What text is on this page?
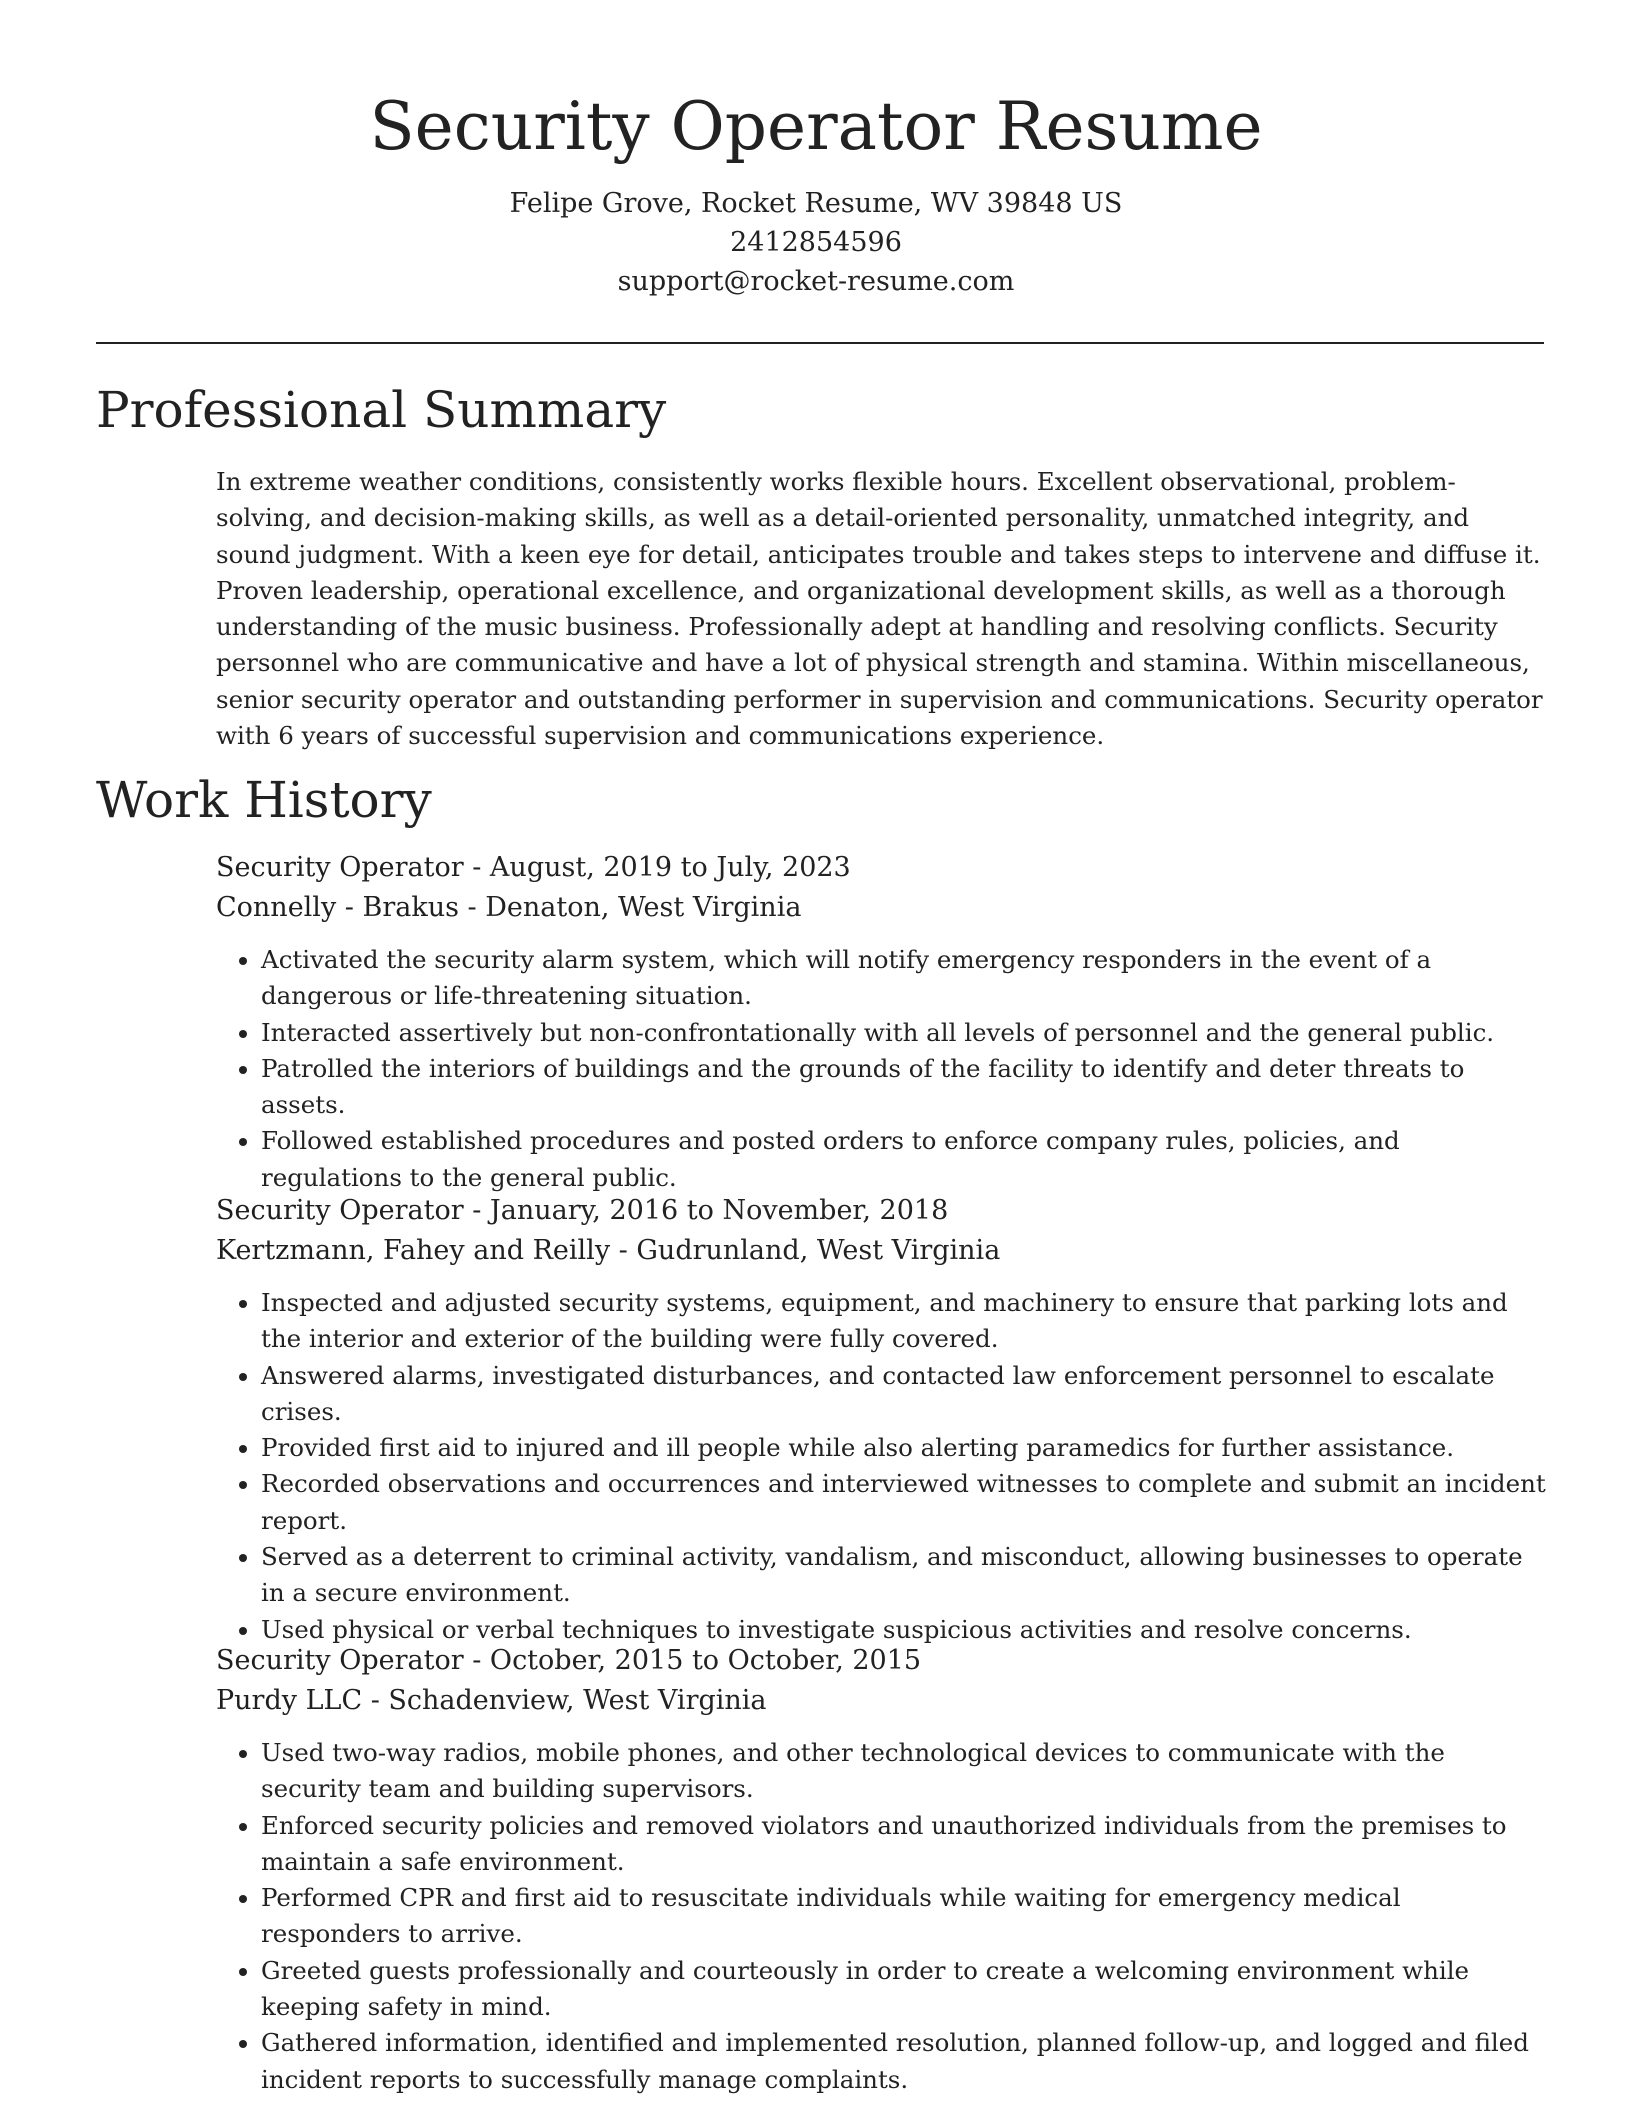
Security Operator Resume
Felipe Grove, Rocket Resume, WV 39848 US
2412854596
support@rocket-resume.com
Professional Summary

In extreme weather conditions, consistently works flexible hours. Excellent observational, problem-solving, and decision-making skills, as well as a detail-oriented personality, unmatched integrity, and sound judgment. With a keen eye for detail, anticipates trouble and takes steps to intervene and diffuse it. Proven leadership, operational excellence, and organizational development skills, as well as a thorough understanding of the music business. Professionally adept at handling and resolving conflicts. Security personnel who are communicative and have a lot of physical strength and stamina. Within miscellaneous, senior security operator and outstanding performer in supervision and communications. Security operator with 6 years of successful supervision and communications experience.

Work History

Security Operator - August, 2019 to July, 2023

Connelly - Brakus - Denaton, West Virginia

• Activated the security alarm system, which will notify emergency responders in the event of a dangerous or life-threatening situation.
• Interacted assertively but non-confrontationally with all levels of personnel and the general public.
• Patrolled the interiors of buildings and the grounds of the facility to identify and deter threats to assets.
• Followed established procedures and posted orders to enforce company rules, policies, and regulations to the general public.

Security Operator - January, 2016 to November, 2018

Kertzmann, Fahey and Reilly - Gudrunland, West Virginia

• Inspected and adjusted security systems, equipment, and machinery to ensure that parking lots and the interior and exterior of the building were fully covered.
• Answered alarms, investigated disturbances, and contacted law enforcement personnel to escalate crises.
• Provided first aid to injured and ill people while also alerting paramedics for further assistance.
• Recorded observations and occurrences and interviewed witnesses to complete and submit an incident report.
• Served as a deterrent to criminal activity, vandalism, and misconduct, allowing businesses to operate in a secure environment.
• Used physical or verbal techniques to investigate suspicious activities and resolve concerns.

Security Operator - October, 2015 to October, 2015

Purdy LLC - Schadenview, West Virginia

• Used two-way radios, mobile phones, and other technological devices to communicate with the security team and building supervisors.
• Enforced security policies and removed violators and unauthorized individuals from the premises to maintain a safe environment.
• Performed CPR and first aid to resuscitate individuals while waiting for emergency medical responders to arrive.
• Greeted guests professionally and courteously in order to create a welcoming environment while keeping safety in mind.
• Gathered information, identified and implemented resolution, planned follow-up, and logged and filed incident reports to successfully manage complaints.
